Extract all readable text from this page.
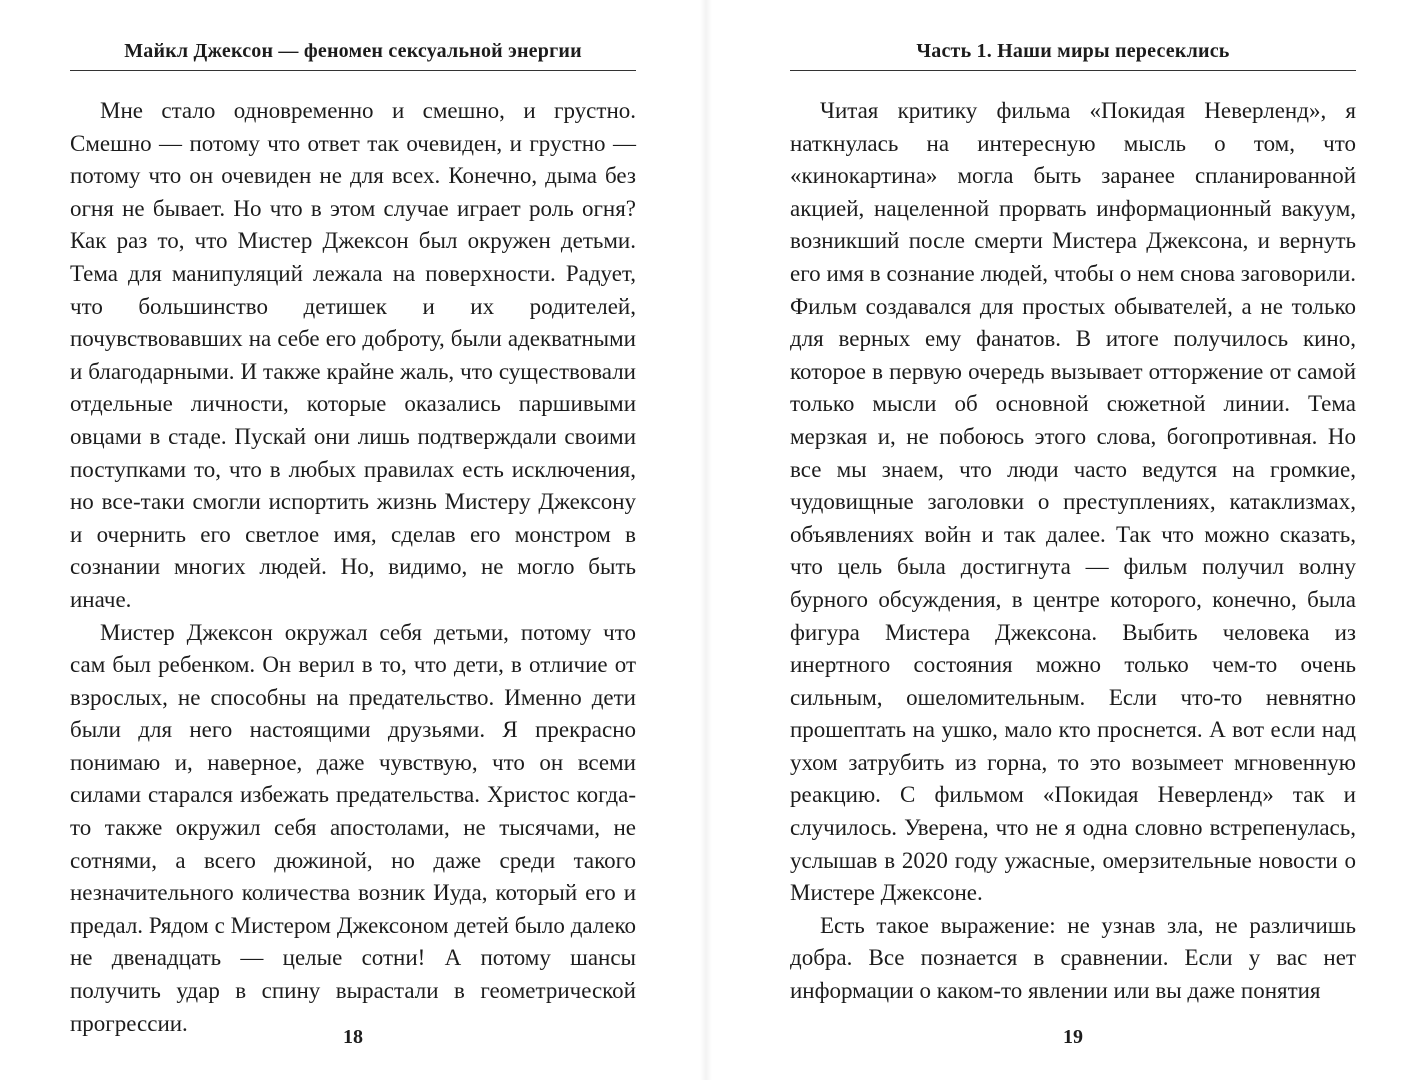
Майкл Джексон — феномен сексуальной энергии

Мне стало одновременно и смешно, и грустно. Смешно — потому что ответ так очевиден, и грустно — потому что он очевиден не для всех. Конечно, дыма без огня не бывает. Но что в этом случае играет роль огня? Как раз то, что Мистер Джексон был окружен детьми. Тема для манипуляций лежала на поверхности. Радует, что большинство детишек и их родителей, почувствовавших на себе его доброту, были адекватными и благодарными. И также крайне жаль, что существовали отдельные личности, которые оказались паршивыми овцами в стаде. Пускай они лишь подтверждали своими поступками то, что в любых правилах есть исключения, но все-таки смогли испортить жизнь Мистеру Джексону и очернить его светлое имя, сделав его монстром в сознании многих людей. Но, видимо, не могло быть иначе.

Мистер Джексон окружал себя детьми, потому что сам был ребенком. Он верил в то, что дети, в отличие от взрослых, не способны на предательство. Именно дети были для него настоящими друзьями. Я прекрасно понимаю и, наверное, даже чувствую, что он всеми силами старался избежать предательства. Христос когда-то также окружил себя апостолами, не тысячами, не сотнями, а всего дюжиной, но даже среди такого незначительного количества возник Иуда, который его и предал. Рядом с Мистером Джексоном детей было далеко не двенадцать — целые сотни! А потому шансы получить удар в спину вырастали в геометрической прогрессии.

18
Часть 1. Наши миры пересеклись

Читая критику фильма «Покидая Неверленд», я наткнулась на интересную мысль о том, что «кинокартина» могла быть заранее спланированной акцией, нацеленной прорвать информационный вакуум, возникший после смерти Мистера Джексона, и вернуть его имя в сознание людей, чтобы о нем снова заговорили. Фильм создавался для простых обывателей, а не только для верных ему фанатов. В итоге получилось кино, которое в первую очередь вызывает отторжение от самой только мысли об основной сюжетной линии. Тема мерзкая и, не побоюсь этого слова, богопротивная. Но все мы знаем, что люди часто ведутся на громкие, чудовищные заголовки о преступлениях, катаклизмах, объявлениях войн и так далее. Так что можно сказать, что цель была достигнута — фильм получил волну бурного обсуждения, в центре которого, конечно, была фигура Мистера Джексона. Выбить человека из инертного состояния можно только чем-то очень сильным, ошеломительным. Если что-то невнятно прошептать на ушко, мало кто проснется. А вот если над ухом затрубить из горна, то это возымеет мгновенную реакцию. С фильмом «Покидая Неверленд» так и случилось. Уверена, что не я одна словно встрепенулась, услышав в 2020 году ужасные, омерзительные новости о Мистере Джексоне.

Есть такое выражение: не узнав зла, не различишь добра. Все познается в сравнении. Если у вас нет информации о каком-то явлении или вы даже понятия

19
